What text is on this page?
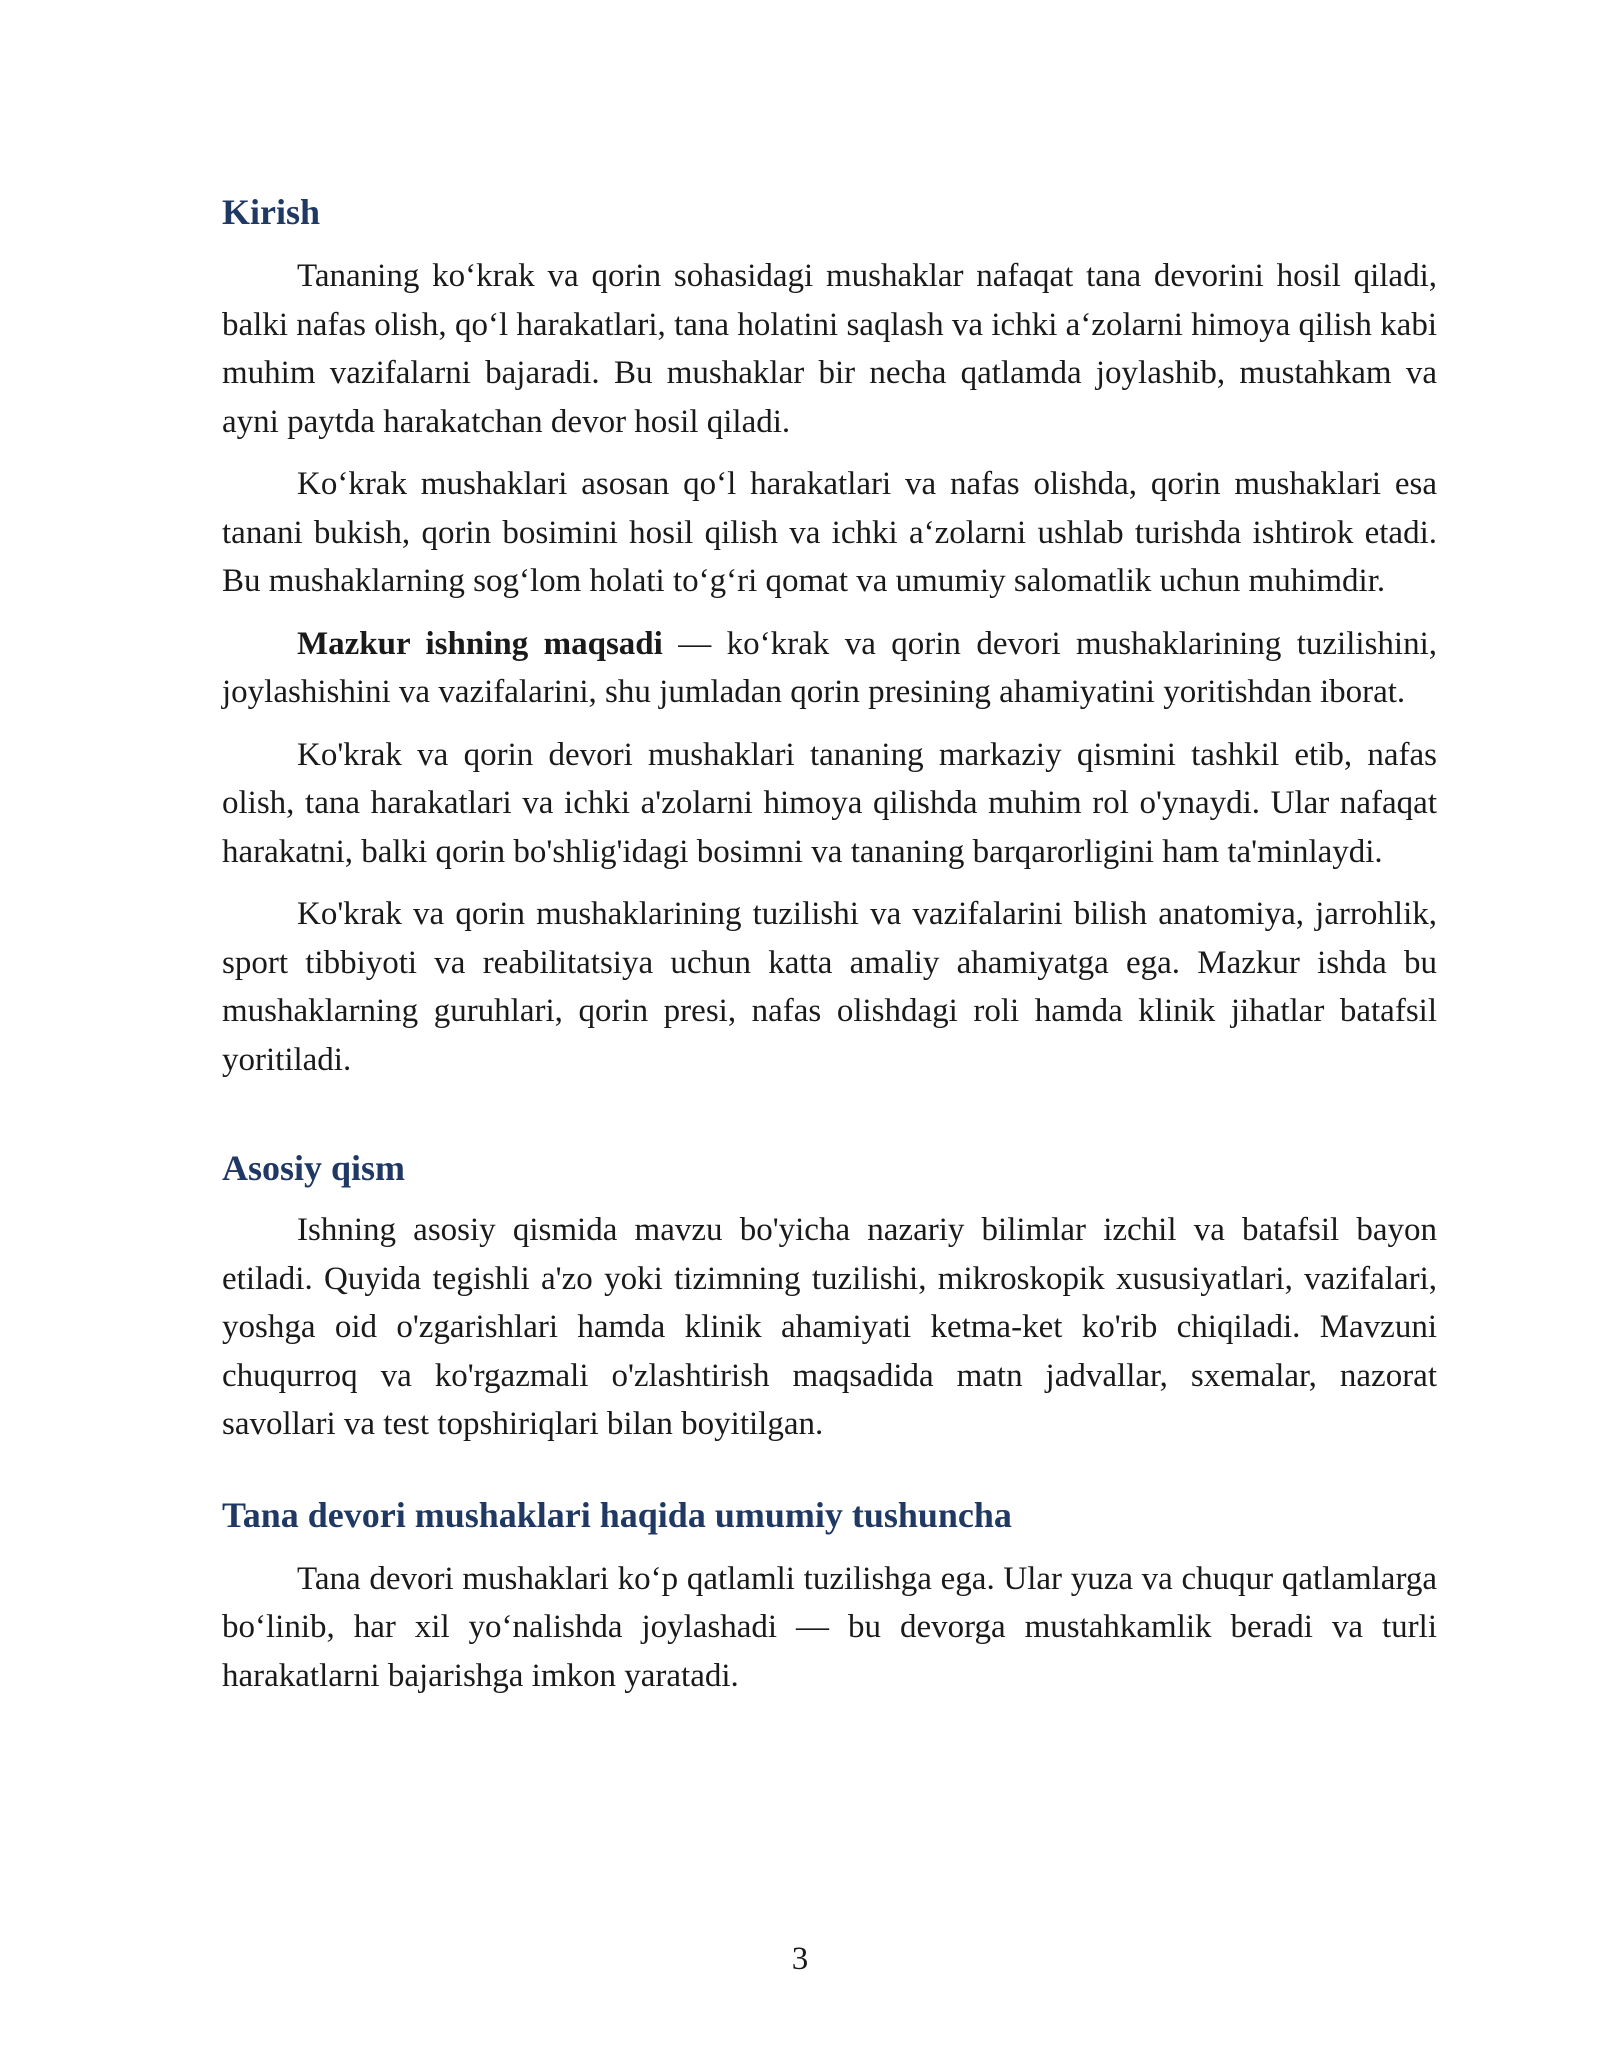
Kirish

Tananing ko‘krak va qorin sohasidagi mushaklar nafaqat tana devorini hosil qiladi, balki nafas olish, qo‘l harakatlari, tana holatini saqlash va ichki a‘zolarni himoya qilish kabi muhim vazifalarni bajaradi. Bu mushaklar bir necha qatlamda joylashib, mustahkam va ayni paytda harakatchan devor hosil qiladi.

Ko‘krak mushaklari asosan qo‘l harakatlari va nafas olishda, qorin mushaklari esa tanani bukish, qorin bosimini hosil qilish va ichki a‘zolarni ushlab turishda ishtirok etadi. Bu mushaklarning sog‘lom holati to‘g‘ri qomat va umumiy salomatlik uchun muhimdir.

Mazkur ishning maqsadi — ko‘krak va qorin devori mushaklarining tuzilishini, joylashishini va vazifalarini, shu jumladan qorin presining ahamiyatini yoritishdan iborat.

Ko'krak va qorin devori mushaklari tananing markaziy qismini tashkil etib, nafas olish, tana harakatlari va ichki a'zolarni himoya qilishda muhim rol o'ynaydi. Ular nafaqat harakatni, balki qorin bo'shlig'idagi bosimni va tananing barqarorligini ham ta'minlaydi.

Ko'krak va qorin mushaklarining tuzilishi va vazifalarini bilish anatomiya, jarrohlik, sport tibbiyoti va reabilitatsiya uchun katta amaliy ahamiyatga ega. Mazkur ishda bu mushaklarning guruhlari, qorin presi, nafas olishdagi roli hamda klinik jihatlar batafsil yoritiladi.

Asosiy qism

Ishning asosiy qismida mavzu bo'yicha nazariy bilimlar izchil va batafsil bayon etiladi. Quyida tegishli a'zo yoki tizimning tuzilishi, mikroskopik xususiyatlari, vazifalari, yoshga oid o'zgarishlari hamda klinik ahamiyati ketma-ket ko'rib chiqiladi. Mavzuni chuqurroq va ko'rgazmali o'zlashtirish maqsadida matn jadvallar, sxemalar, nazorat savollari va test topshiriqlari bilan boyitilgan.

Tana devori mushaklari haqida umumiy tushuncha

Tana devori mushaklari ko‘p qatlamli tuzilishga ega. Ular yuza va chuqur qatlamlarga bo‘linib, har xil yo‘nalishda joylashadi — bu devorga mustahkamlik beradi va turli harakatlarni bajarishga imkon yaratadi.

3
